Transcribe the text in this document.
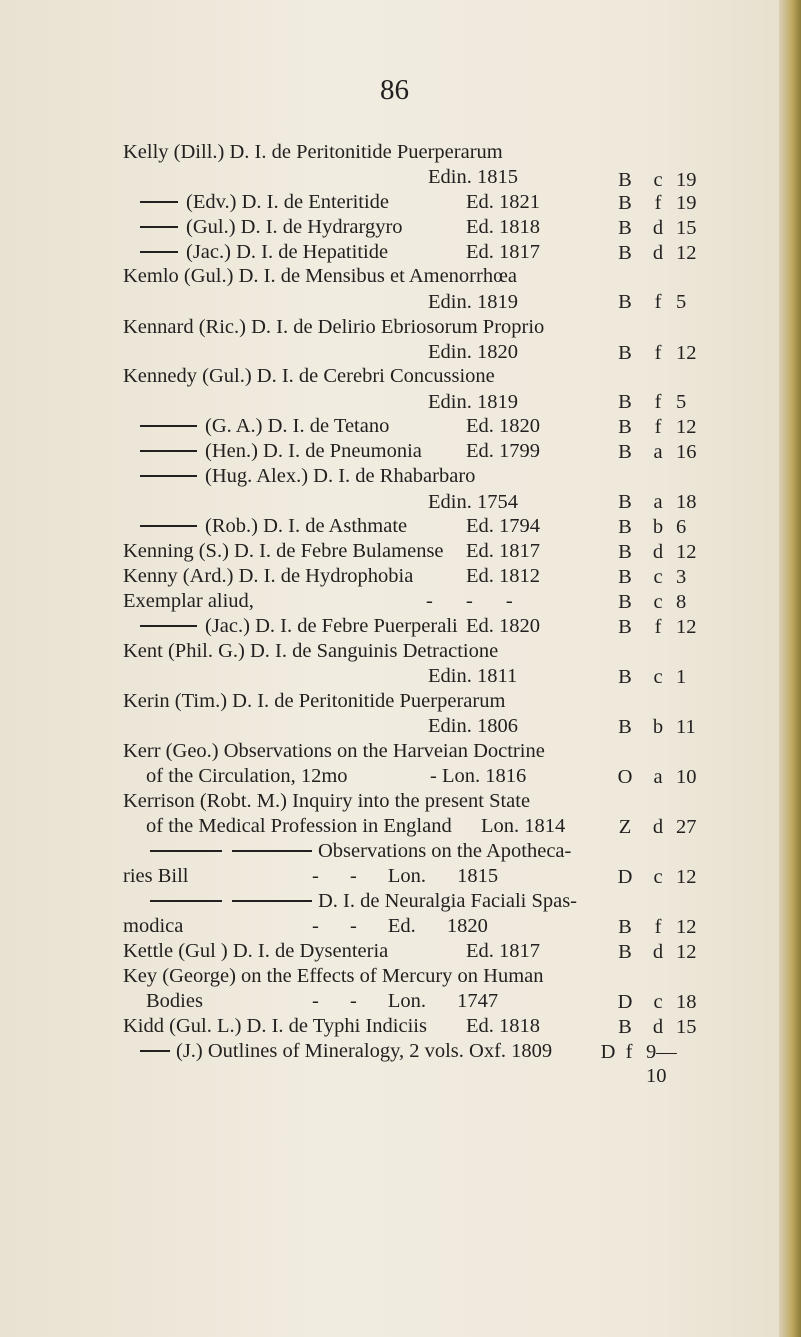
86
Kelly (Dill.) D. I. de Peritonitide Puerperarum
Edin. 1815	B	c 19
(Edv.) D. I. de Enteritide	Ed. 1821	B	f 19
(Gul.) D. I. de Hydrargyro	Ed. 1818	B	d 15
(Jac.) D. I. de Hepatitide	Ed. 1817	B	d 12
Kemlo (Gul.) D. I. de Mensibus et Amenorrhœa
Edin. 1819	B	f 5
Kennard (Ric.) D. I. de Delirio Ebriosorum Proprio
Edin. 1820	B	f 12
Kennedy (Gul.) D. I. de Cerebri Concussione
Edin. 1819	B	f 5
(G. A.) D. I. de Tetano	Ed. 1820	B	f 12
(Hen.) D. I. de Pneumonia Ed. 1799	B	a 16
(Hug. Alex.) D. I. de Rhabarbaro
Edin. 1754	B	a 18
(Rob.) D. I. de Asthmate	Ed. 1794	B	b 6
Kenning (S.) D. I. de Febre Bulamense Ed. 1817	B	d 12
Kenny (Ard.) D. I. de Hydrophobia	Ed. 1812	B	c 3
Exemplar aliud,	- - -	B	c 8
(Jac.) D. I. de Febre Puerperali Ed. 1820	B	f 12
Kent (Phil. G.) D. I. de Sanguinis Detractione
Edin. 1811	B	c 1
Kerin (Tim.) D. I. de Peritonitide Puerperarum
Edin. 1806	B	b 11
Kerr (Geo.) Observations on the Harveian Doctrine
of the Circulation, 12mo	- Lon. 1816	O	a 10
Kerrison (Robt. M.) Inquiry into the present State
of the Medical Profession in England Lon. 1814	Z	d 27
Observations on the Apotheca-
ries Bill	- - Lon. 1815	D	c 12
D. I. de Neuralgia Faciali Spas-
modica	- - Ed. 1820	B	f 12
Kettle (Gul ) D. I. de Dysenteria	Ed. 1817	B	d 12
Key (George) on the Effects of Mercury on Human
Bodies	- - Lon. 1747	D	c 18
Kidd (Gul. L.) D. I. de Typhi Indiciis Ed. 1818	B	d 15
(J.) Outlines of Mineralogy, 2 vols. Oxf. 1809 D f 9—10
